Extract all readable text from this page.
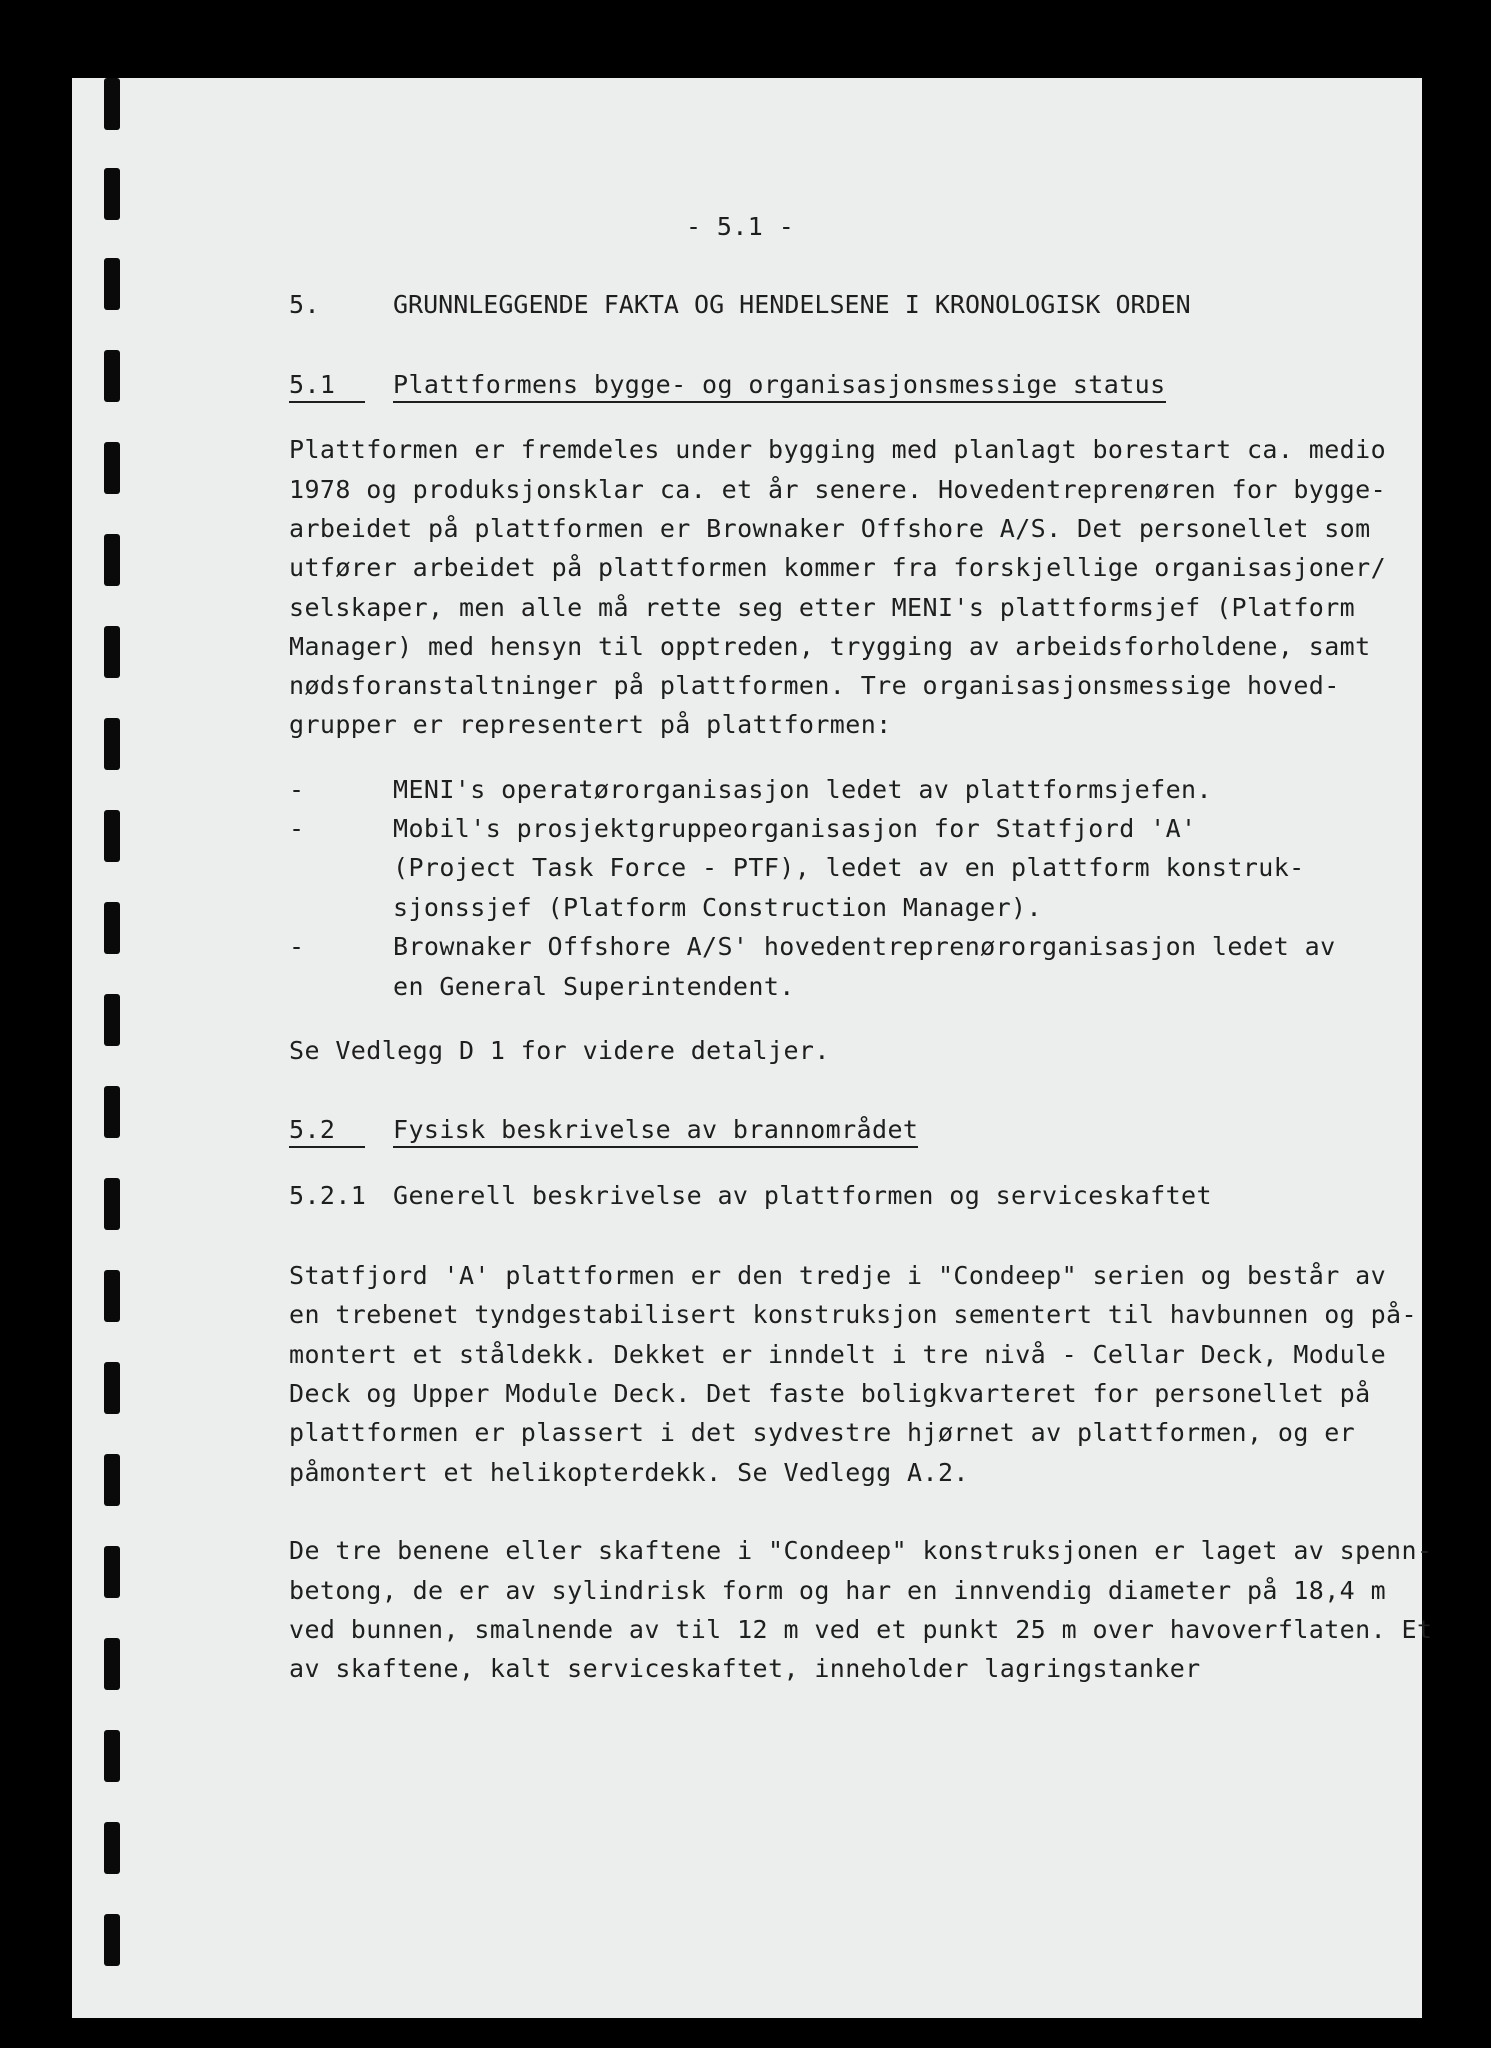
- 5.1 -
5.	GRUNNLEGGENDE FAKTA OG HENDELSENE I KRONOLOGISK ORDEN
5.1	Plattformens bygge- og organisasjonsmessige status
Plattformen er fremdeles under bygging med planlagt borestart ca. medio
1978 og produksjonsklar ca. et år senere. Hovedentreprenøren for bygge-
arbeidet på plattformen er Brownaker Offshore A/S. Det personellet som
utfører arbeidet på plattformen kommer fra forskjellige organisasjoner/
selskaper, men alle må rette seg etter MENI's plattformsjef (Platform
Manager) med hensyn til opptreden, trygging av arbeidsforholdene, samt
nødsforanstaltninger på plattformen. Tre organisasjonsmessige hoved-
grupper er representert på plattformen:
-	MENI's operatørorganisasjon ledet av plattformsjefen.
-	Mobil's prosjektgruppeorganisasjon for Statfjord 'A'
(Project Task Force - PTF), ledet av en plattform konstruk-
sjonssjef (Platform Construction Manager).
-	Brownaker Offshore A/S' hovedentreprenørorganisasjon ledet av
en General Superintendent.
Se Vedlegg D 1 for videre detaljer.
5.2	Fysisk beskrivelse av brannområdet
5.2.1 Generell beskrivelse av plattformen og serviceskaftet
Statfjord 'A' plattformen er den tredje i "Condeep" serien og består av
en trebenet tyndgestabilisert konstruksjon sementert til havbunnen og på-
montert et ståldekk. Dekket er inndelt i tre nivå - Cellar Deck, Module
Deck og Upper Module Deck. Det faste boligkvarteret for personellet på
plattformen er plassert i det sydvestre hjørnet av plattformen, og er
påmontert et helikopterdekk. Se Vedlegg A.2.
De tre benene eller skaftene i "Condeep" konstruksjonen er laget av spenn-
betong, de er av sylindrisk form og har en innvendig diameter på 18,4 m
ved bunnen, smalnende av til 12 m ved et punkt 25 m over havoverflaten. Et
av skaftene, kalt serviceskaftet, inneholder lagringstanker
